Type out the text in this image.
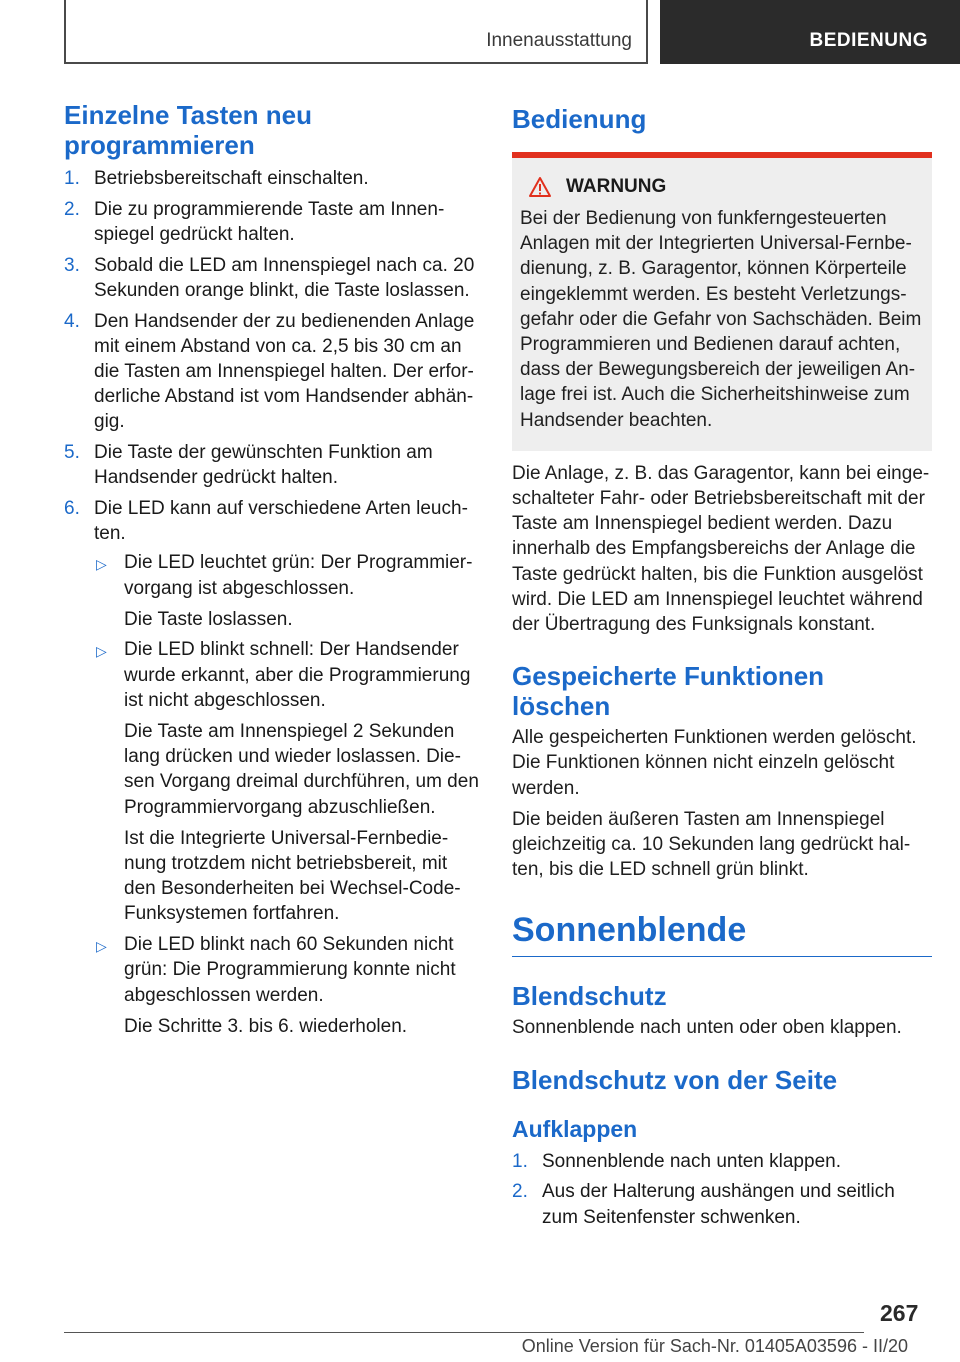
Innenausstattung	BEDIENUNG
Einzelne Tasten neu programmieren
1. Betriebsbereitschaft einschalten.
2. Die zu programmierende Taste am Innenspiegel gedrückt halten.
3. Sobald die LED am Innenspiegel nach ca. 20 Sekunden orange blinkt, die Taste loslassen.
4. Den Handsender der zu bedienenden Anlage mit einem Abstand von ca. 2,5 bis 30 cm an die Tasten am Innenspiegel halten. Der erforderliche Abstand ist vom Handsender abhängig.
5. Die Taste der gewünschten Funktion am Handsender gedrückt halten.
6. Die LED kann auf verschiedene Arten leuchten.
▷ Die LED leuchtet grün: Der Programmiervorgang ist abgeschlossen.
Die Taste loslassen.
▷ Die LED blinkt schnell: Der Handsender wurde erkannt, aber die Programmierung ist nicht abgeschlossen.
Die Taste am Innenspiegel 2 Sekunden lang drücken und wieder loslassen. Diesen Vorgang dreimal durchführen, um den Programmiervorgang abzuschließen.
Ist die Integrierte Universal-Fernbedienung trotzdem nicht betriebsbereit, mit den Besonderheiten bei Wechsel-Code-Funksystemen fortfahren.
▷ Die LED blinkt nach 60 Sekunden nicht grün: Die Programmierung konnte nicht abgeschlossen werden.
Die Schritte 3. bis 6. wiederholen.
Bedienung
WARNUNG

Bei der Bedienung von funkferngesteuerten Anlagen mit der Integrierten Universal-Fernbedienung, z. B. Garagentor, können Körperteile eingeklemmt werden. Es besteht Verletzungsgefahr oder die Gefahr von Sachschäden. Beim Programmieren und Bedienen darauf achten, dass der Bewegungsbereich der jeweiligen Anlage frei ist. Auch die Sicherheitshinweise zum Handsender beachten.

Die Anlage, z. B. das Garagentor, kann bei eingeschalteter Fahr- oder Betriebsbereitschaft mit der Taste am Innenspiegel bedient werden. Dazu innerhalb des Empfangsbereichs der Anlage die Taste gedrückt halten, bis die Funktion ausgelöst wird. Die LED am Innenspiegel leuchtet während der Übertragung des Funksignals konstant.

Gespeicherte Funktionen löschen

Alle gespeicherten Funktionen werden gelöscht. Die Funktionen können nicht einzeln gelöscht werden.

Die beiden äußeren Tasten am Innenspiegel gleichzeitig ca. 10 Sekunden lang gedrückt halten, bis die LED schnell grün blinkt.

Sonnenblende
Blendschutz

Sonnenblende nach unten oder oben klappen.

Blendschutz von der Seite
Aufklappen
1. Sonnenblende nach unten klappen.
2. Aus der Halterung aushängen und seitlich zum Seitenfenster schwenken.
267
Online Version für Sach-Nr. 01405A03596 - II/20
